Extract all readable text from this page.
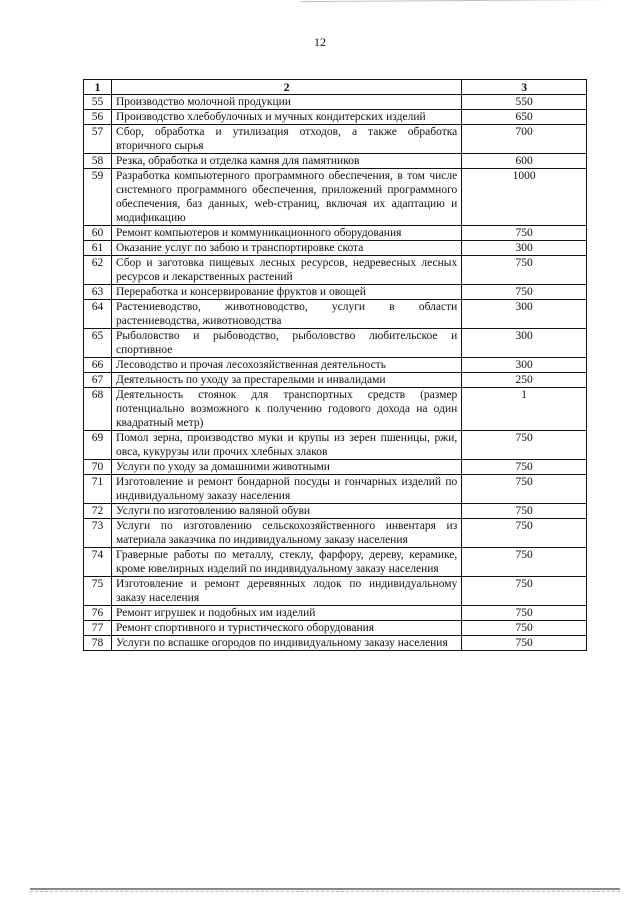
12
1	2	3
55	Производство молочной продукции	550
56	Производство хлебобулочных и мучных кондитерских изделий	650
57	Сбор, обработка и утилизация отходов, а также обработка вторичного сырья	700
58	Резка, обработка и отделка камня для памятников	600
59	Разработка компьютерного программного обеспечения, в том числе системного программного обеспечения, приложений программного обеспечения, баз данных, web-страниц, включая их адаптацию и модификацию	1000
60	Ремонт компьютеров и коммуникационного оборудования	750
61	Оказание услуг по забою и транспортировке скота	300
62	Сбор и заготовка пищевых лесных ресурсов, недревесных лесных ресурсов и лекарственных растений	750
63	Переработка и консервирование фруктов и овощей	750
64	Растениеводство, животноводство, услуги в области растениеводства, животноводства	300
65	Рыболовство и рыбоводство, рыболовство любительское и спортивное	300
66	Лесоводство и прочая лесохозяйственная деятельность	300
67	Деятельность по уходу за престарелыми и инвалидами	250
68	Деятельность стоянок для транспортных средств (размер потенциально возможного к получению годового дохода на один квадратный метр)	1
69	Помол зерна, производство муки и крупы из зерен пшеницы, ржи, овса, кукурузы или прочих хлебных злаков	750
70	Услуги по уходу за домашними животными	750
71	Изготовление и ремонт бондарной посуды и гончарных изделий по индивидуальному заказу населения	750
72	Услуги по изготовлению валяной обуви	750
73	Услуги по изготовлению сельскохозяйственного инвентаря из материала заказчика по индивидуальному заказу населения	750
74	Граверные работы по металлу, стеклу, фарфору, дереву, керамике, кроме ювелирных изделий по индивидуальному заказу населения	750
75	Изготовление и ремонт деревянных лодок по индивидуальному заказу населения	750
76	Ремонт игрушек и подобных им изделий	750
77	Ремонт спортивного и туристического оборудования	750
78	Услуги по вспашке огородов по индивидуальному заказу населения	750
